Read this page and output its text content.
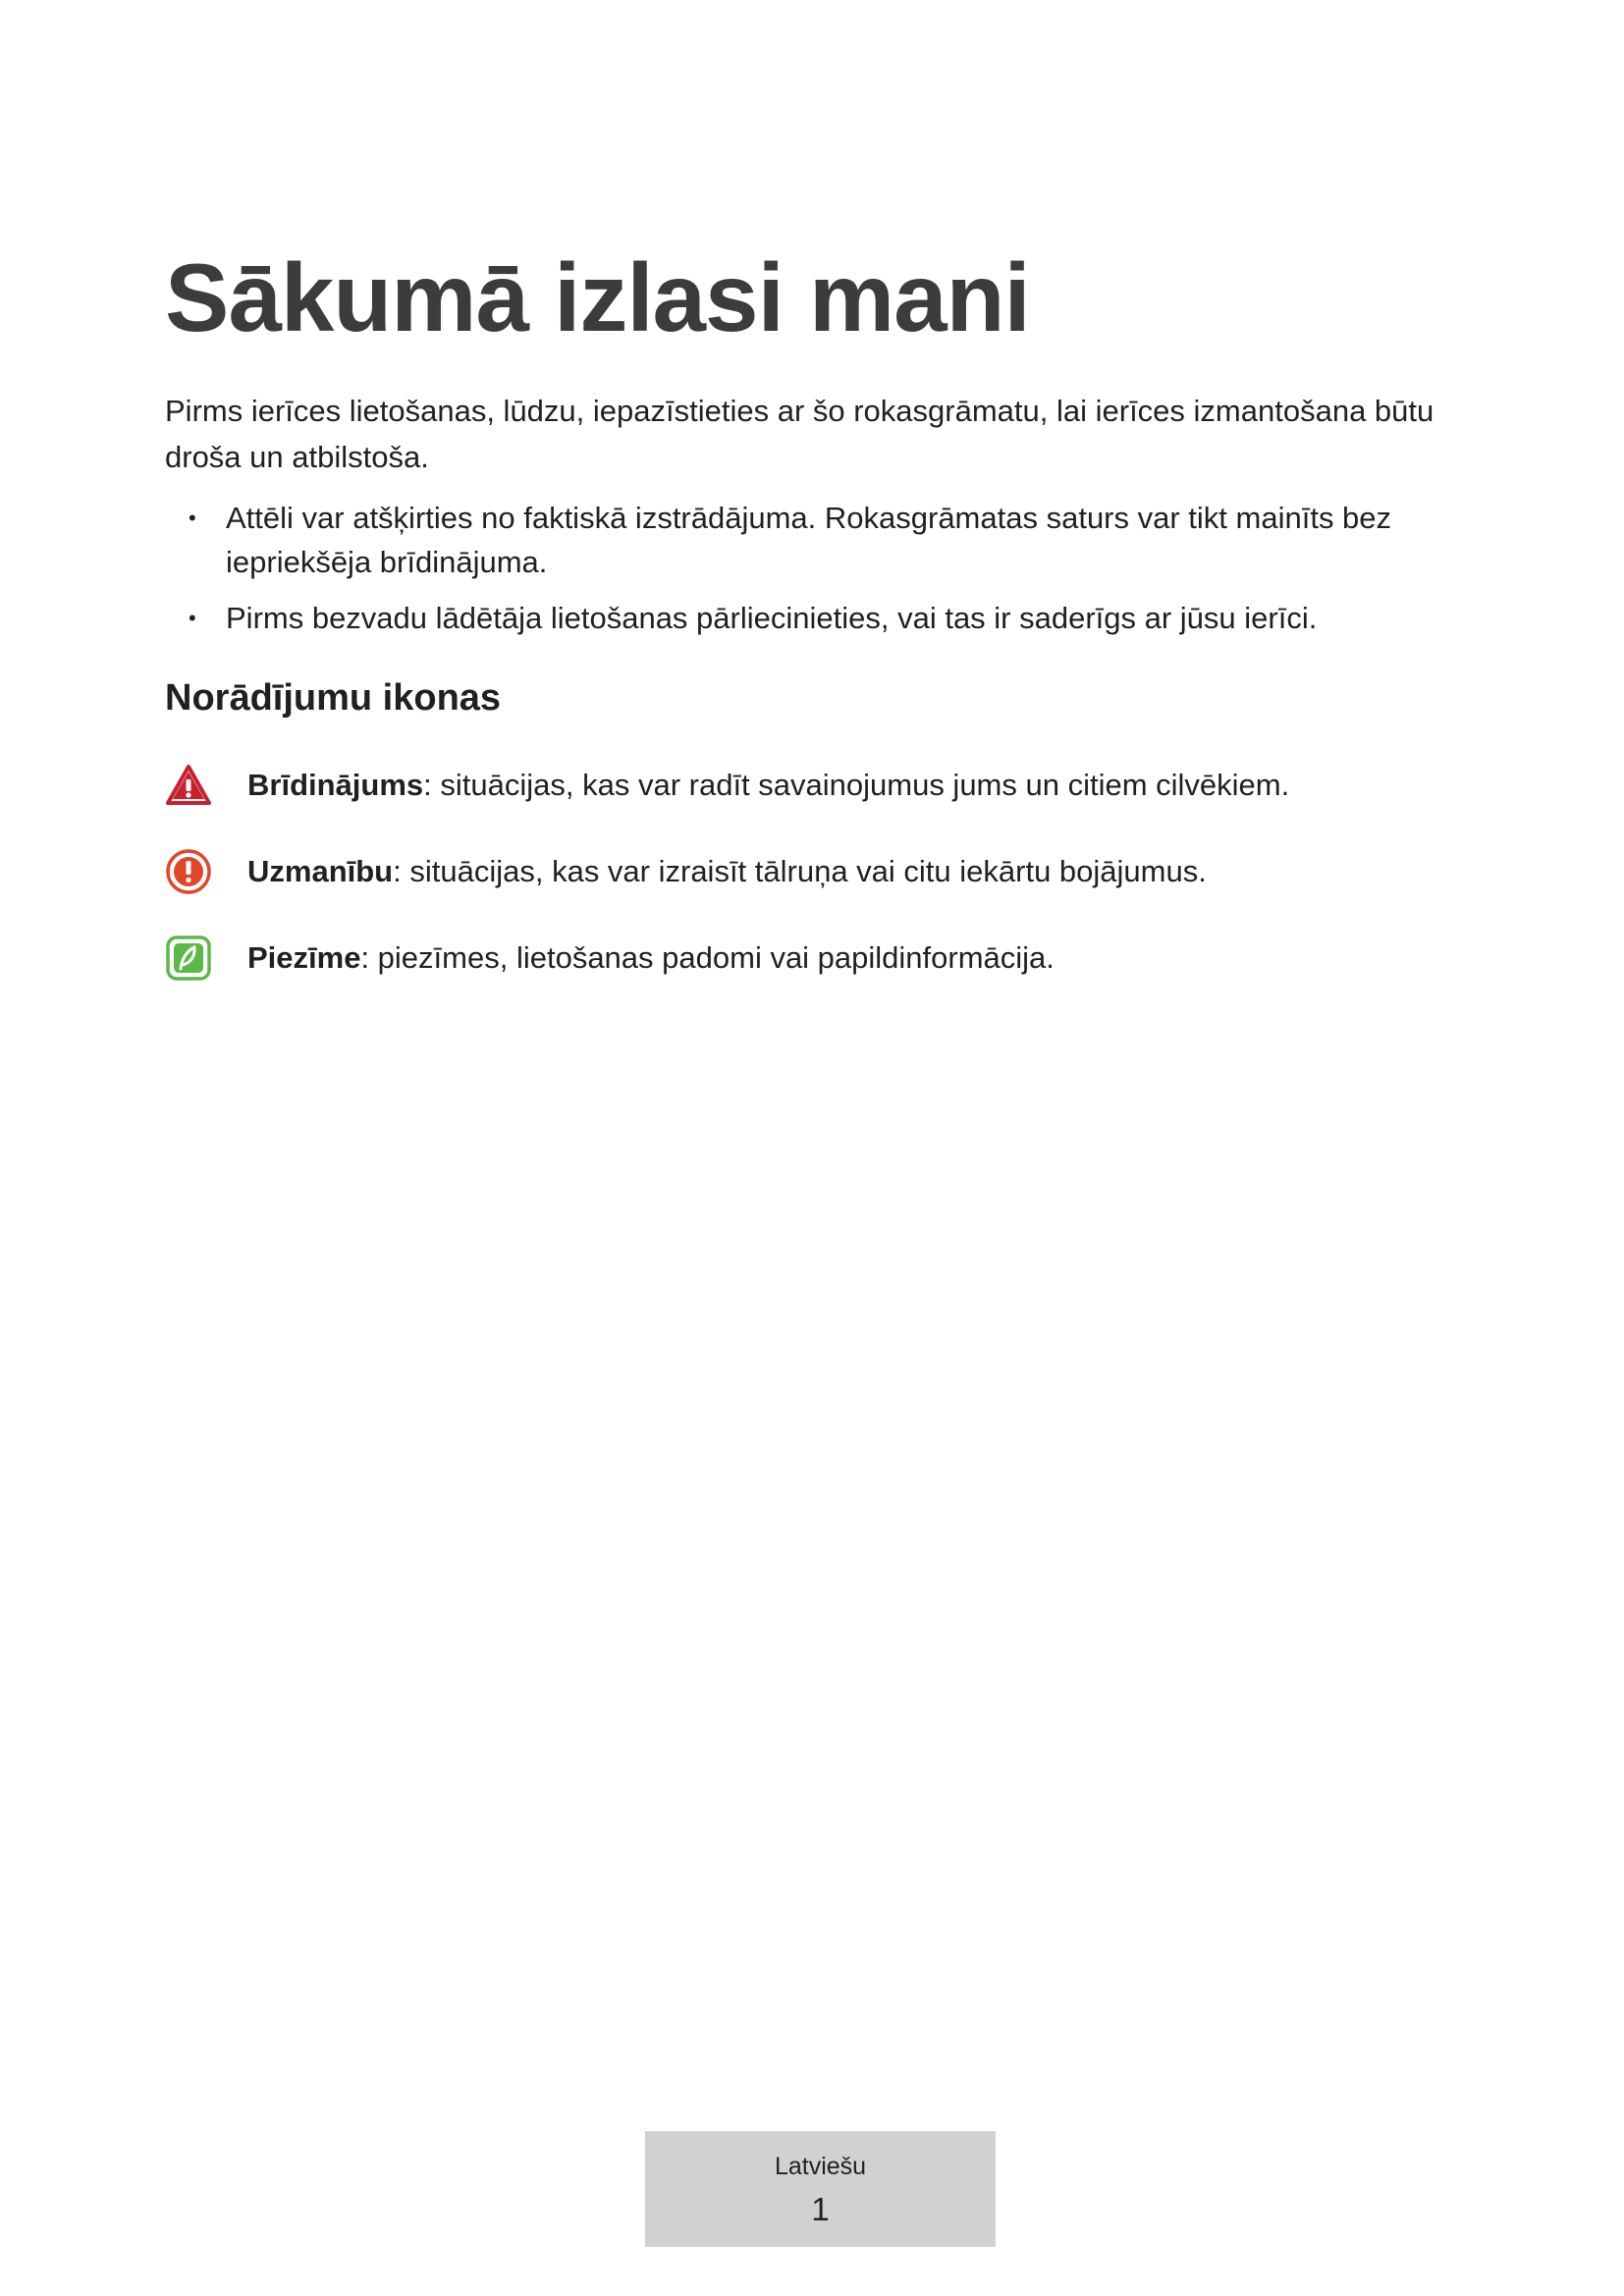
Sākumā izlasi mani

Pirms ierīces lietošanas, lūdzu, iepazīstieties ar šo rokasgrāmatu, lai ierīces izmantošana būtu droša un atbilstoša.

• Attēli var atšķirties no faktiskā izstrādājuma. Rokasgrāmatas saturs var tikt mainīts bez iepriekšēja brīdinājuma.
• Pirms bezvadu lādētāja lietošanas pārliecinieties, vai tas ir saderīgs ar jūsu ierīci.
Norādījumu ikonas
Brīdinājums: situācijas, kas var radīt savainojumus jums un citiem cilvēkiem.
Uzmanību: situācijas, kas var izraisīt tālruņa vai citu iekārtu bojājumus.
Piezīme: piezīmes, lietošanas padomi vai papildinformācija.
Latviešu
1
